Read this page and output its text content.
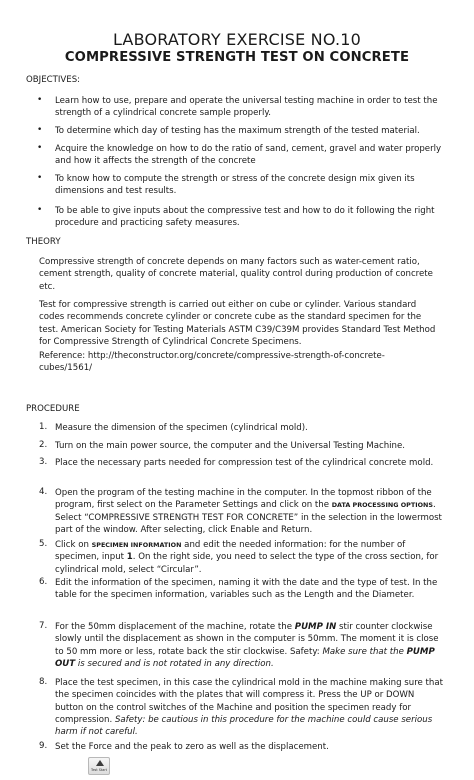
LABORATORY EXERCISE NO.10
COMPRESSIVE STRENGTH TEST ON CONCRETE
OBJECTIVES:
•	Learn how to use, prepare and operate the universal testing machine in order to test the strength of a cylindrical concrete sample properly.
•	To determine which day of testing has the maximum strength of the tested material.
•	Acquire the knowledge on how to do the ratio of sand, cement, gravel and water properly and how it affects the strength of the concrete
•	To know how to compute the strength or stress of the concrete design mix given its dimensions and test results.
•	To be able to give inputs about the compressive test and how to do it following the right procedure and practicing safety measures.
THEORY
Compressive strength of concrete depends on many factors such as water-cement ratio, cement strength, quality of concrete material, quality control during production of concrete etc.
Test for compressive strength is carried out either on cube or cylinder. Various standard codes recommends concrete cylinder or concrete cube as the standard specimen for the test. American Society for Testing Materials ASTM C39/C39M provides Standard Test Method for Compressive Strength of Cylindrical Concrete Specimens.
Reference: http://theconstructor.org/concrete/compressive-strength-of-concrete-cubes/1561/
PROCEDURE
1. Measure the dimension of the specimen (cylindrical mold).
2. Turn on the main power source, the computer and the Universal Testing Machine.
3. Place the necessary parts needed for compression test of the cylindrical concrete mold.
4. Open the program of the testing machine in the computer. In the topmost ribbon of the program, first select on the Parameter Settings and click on the DATA PROCESSING OPTIONS. Select “COMPRESSIVE STRENGTH TEST FOR CONCRETE” in the selection in the lowermost part of the window. After selecting, click Enable and Return.
5. Click on SPECIMEN INFORMATION and edit the needed information: for the number of specimen, input 1. On the right side, you need to select the type of the cross section, for cylindrical mold, select “Circular”.
6. Edit the information of the specimen, naming it with the date and the type of test. In the table for the specimen information, variables such as the Length and the Diameter.
7. For the 50mm displacement of the machine, rotate the PUMP IN stir counter clockwise slowly until the displacement as shown in the computer is 50mm. The moment it is close to 50 mm more or less, rotate back the stir clockwise. Safety: Make sure that the PUMP OUT is secured and is not rotated in any direction.
8. Place the test specimen, in this case the cylindrical mold in the machine making sure that the specimen coincides with the plates that will compress it. Press the UP or DOWN button on the control switches of the Machine and position the specimen ready for compression. Safety: be cautious in this procedure for the machine could cause serious harm if not careful.
9. Set the Force and the peak to zero as well as the displacement.
Test Start
